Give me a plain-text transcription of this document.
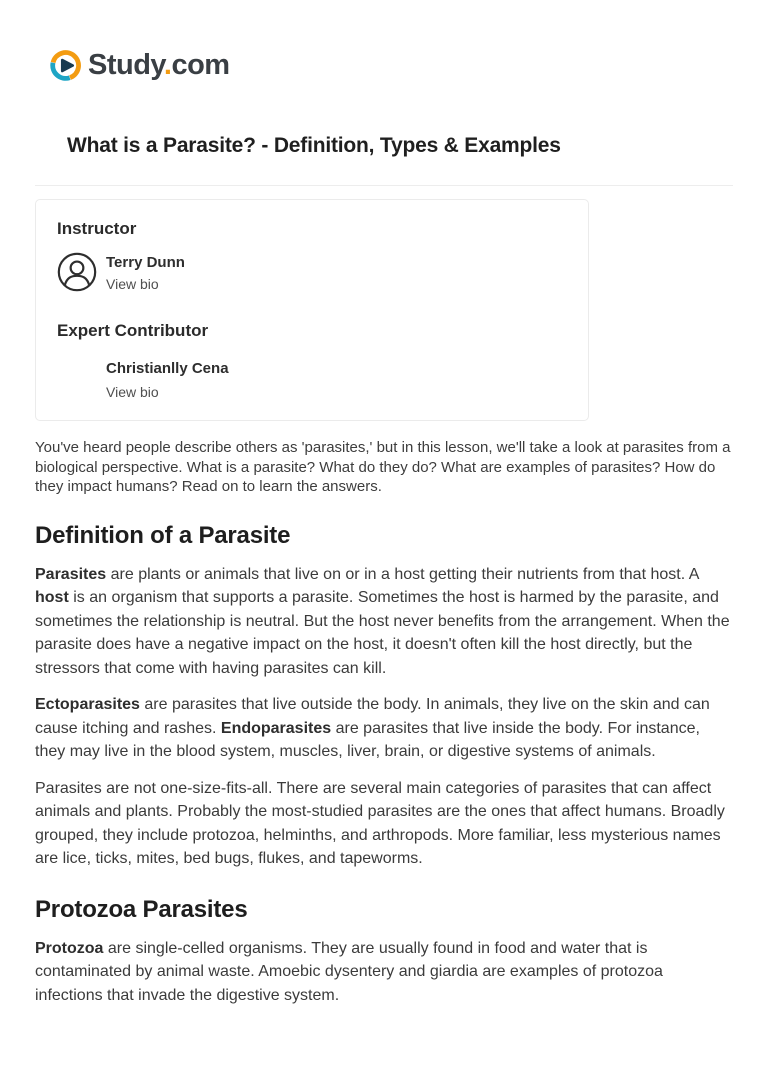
Study.com
What is a Parasite? - Definition, Types & Examples
Instructor
Terry Dunn
View bio
Expert Contributor
Christianlly Cena
View bio

You've heard people describe others as 'parasites,' but in this lesson, we'll take a look at parasites from a biological perspective. What is a parasite? What do they do? What are examples of parasites? How do they impact humans? Read on to learn the answers.

Definition of a Parasite

Parasites are plants or animals that live on or in a host getting their nutrients from that host. A host is an organism that supports a parasite. Sometimes the host is harmed by the parasite, and sometimes the relationship is neutral. But the host never benefits from the arrangement. When the parasite does have a negative impact on the host, it doesn't often kill the host directly, but the stressors that come with having parasites can kill.

Ectoparasites are parasites that live outside the body. In animals, they live on the skin and can cause itching and rashes. Endoparasites are parasites that live inside the body. For instance, they may live in the blood system, muscles, liver, brain, or digestive systems of animals.

Parasites are not one-size-fits-all. There are several main categories of parasites that can affect animals and plants. Probably the most-studied parasites are the ones that affect humans. Broadly grouped, they include protozoa, helminths, and arthropods. More familiar, less mysterious names are lice, ticks, mites, bed bugs, flukes, and tapeworms.

Protozoa Parasites

Protozoa are single-celled organisms. They are usually found in food and water that is contaminated by animal waste. Amoebic dysentery and giardia are examples of protozoa infections that invade the digestive system.
